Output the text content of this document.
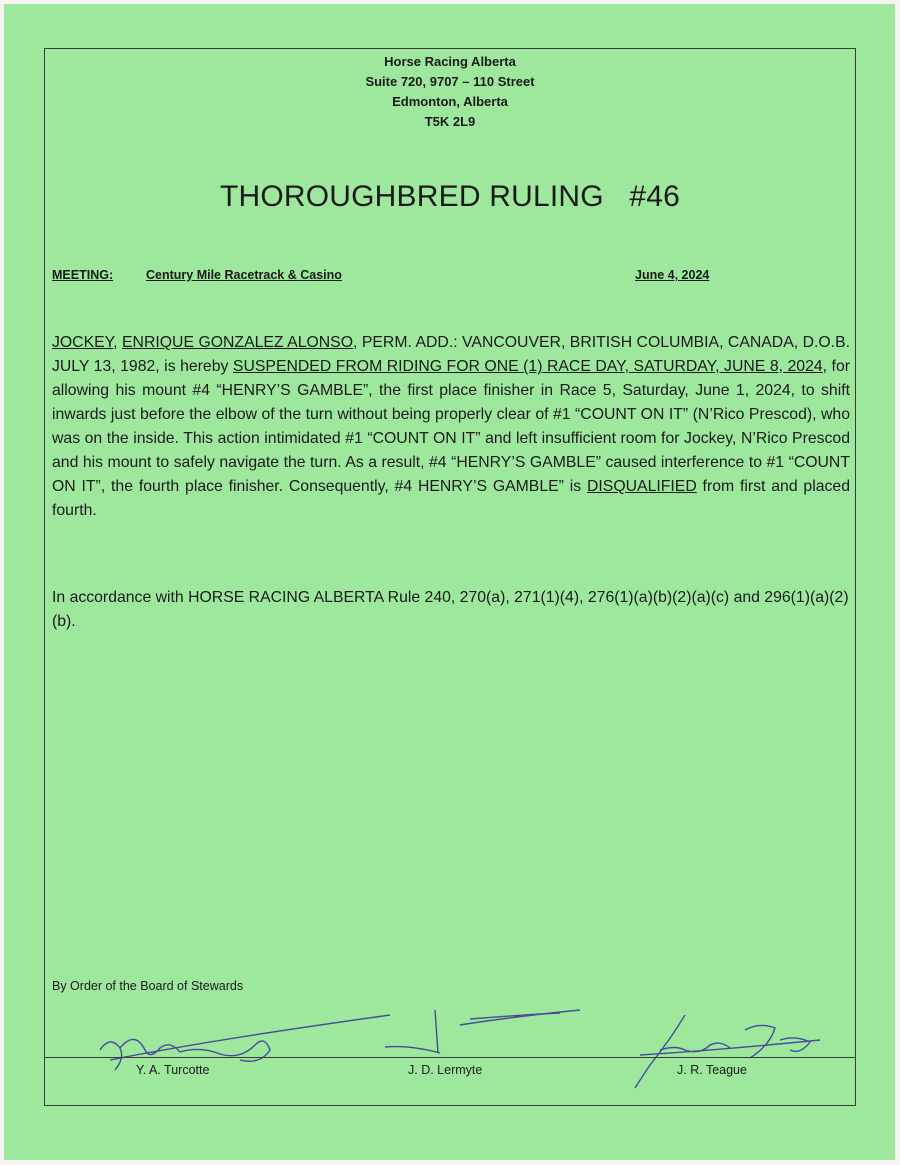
Horse Racing Alberta
Suite 720, 9707 – 110 Street
Edmonton, Alberta
T5K 2L9
THOROUGHBRED RULING   #46
MEETING:	Century Mile Racetrack & Casino	June 4, 2024
JOCKEY, ENRIQUE GONZALEZ ALONSO, PERM. ADD.: VANCOUVER, BRITISH COLUMBIA, CANADA, D.O.B. JULY 13, 1982, is hereby SUSPENDED FROM RIDING FOR ONE (1) RACE DAY, SATURDAY, JUNE 8, 2024, for allowing his mount #4 “HENRY’S GAMBLE”, the first place finisher in Race 5, Saturday, June 1, 2024, to shift inwards just before the elbow of the turn without being properly clear of #1 “COUNT ON IT” (N’Rico Prescod), who was on the inside. This action intimidated #1 “COUNT ON IT” and left insufficient room for Jockey, N’Rico Prescod and his mount to safely navigate the turn. As a result, #4 “HENRY’S GAMBLE” caused interference to #1 “COUNT ON IT”, the fourth place finisher. Consequently, #4 HENRY’S GAMBLE” is DISQUALIFIED from first and placed fourth.
In accordance with HORSE RACING ALBERTA Rule 240, 270(a), 271(1)(4), 276(1)(a)(b)(2)(a)(c) and 296(1)(a)(2)(b).
By Order of the Board of Stewards
Y. A. Turcotte	J. D. Lermyte	J. R. Teague
